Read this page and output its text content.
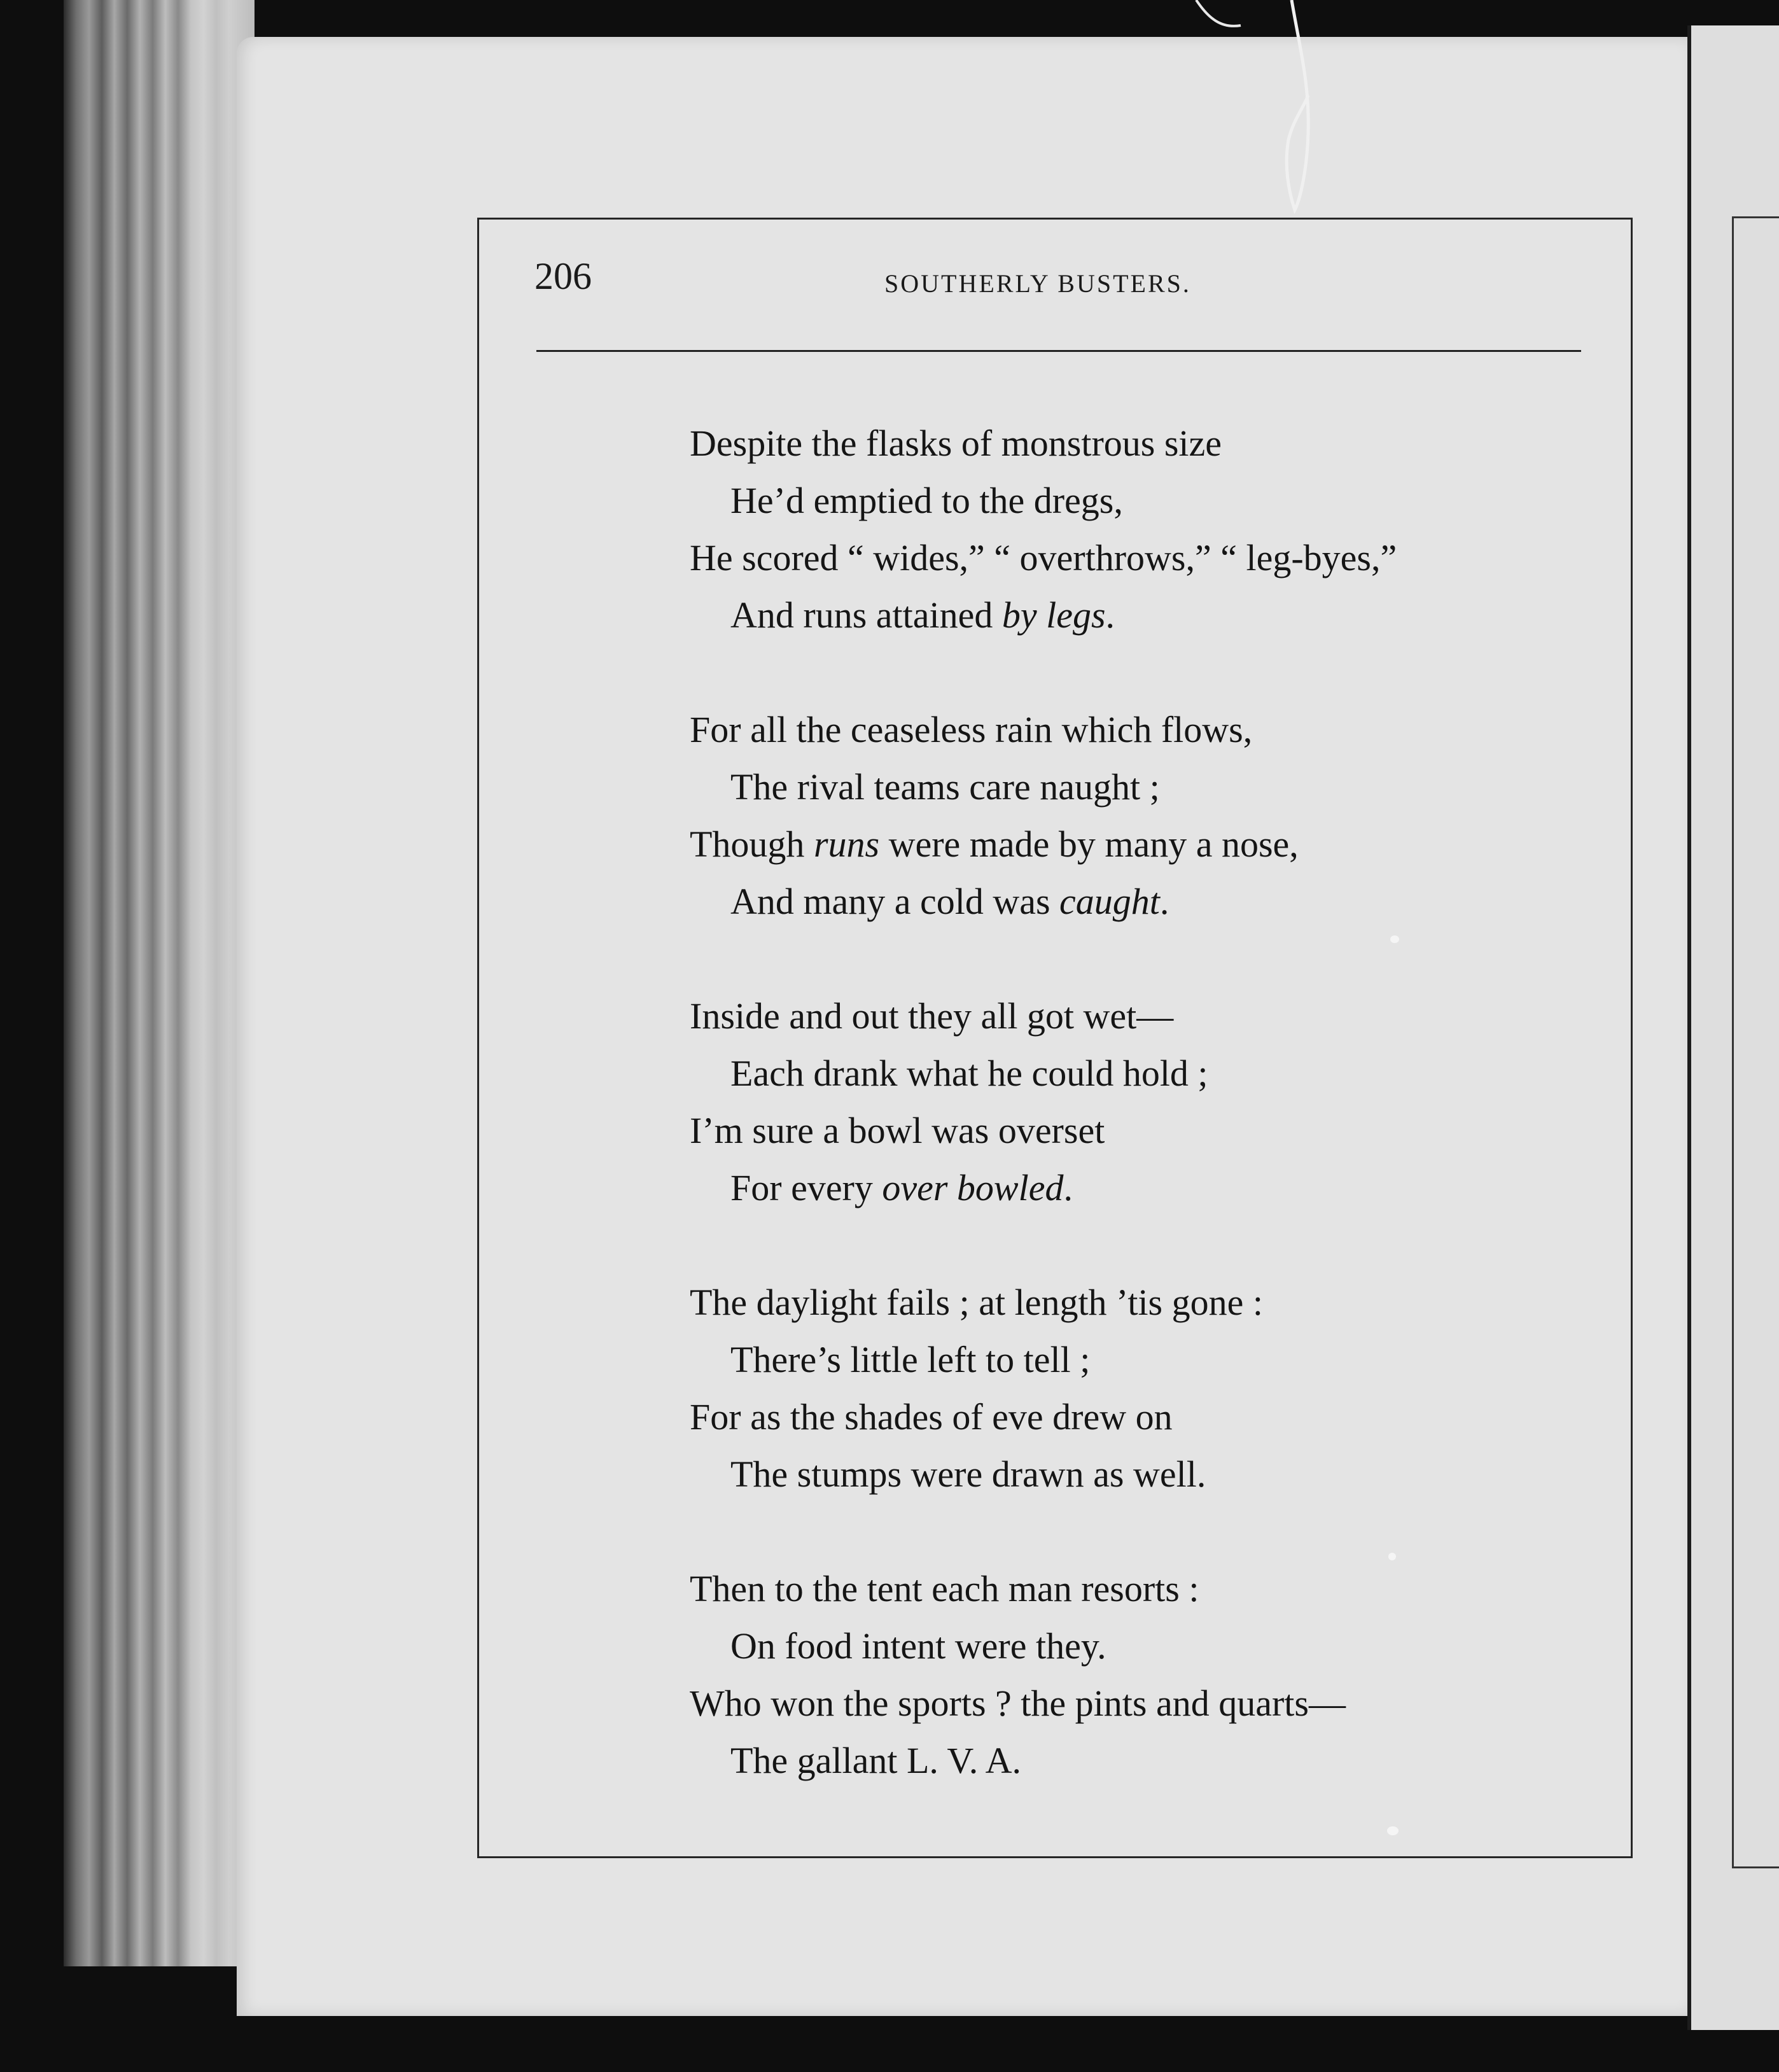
206	SOUTHERLY BUSTERS.
Despite the flasks of monstrous size
He’d emptied to the dregs,
He scored “ wides,” “ overthrows,” “ leg-byes,”
And runs attained by legs.
For all the ceaseless rain which flows,
The rival teams care naught ;
Though runs were made by many a nose,
And many a cold was caught.
Inside and out they all got wet—
Each drank what he could hold ;
I’m sure a bowl was overset
For every over bowled.
The daylight fails ; at length ’tis gone :
There’s little left to tell ;
For as the shades of eve drew on
The stumps were drawn as well.
Then to the tent each man resorts :
On food intent were they.
Who won the sports ? the pints and quarts—
The gallant L. V. A.
